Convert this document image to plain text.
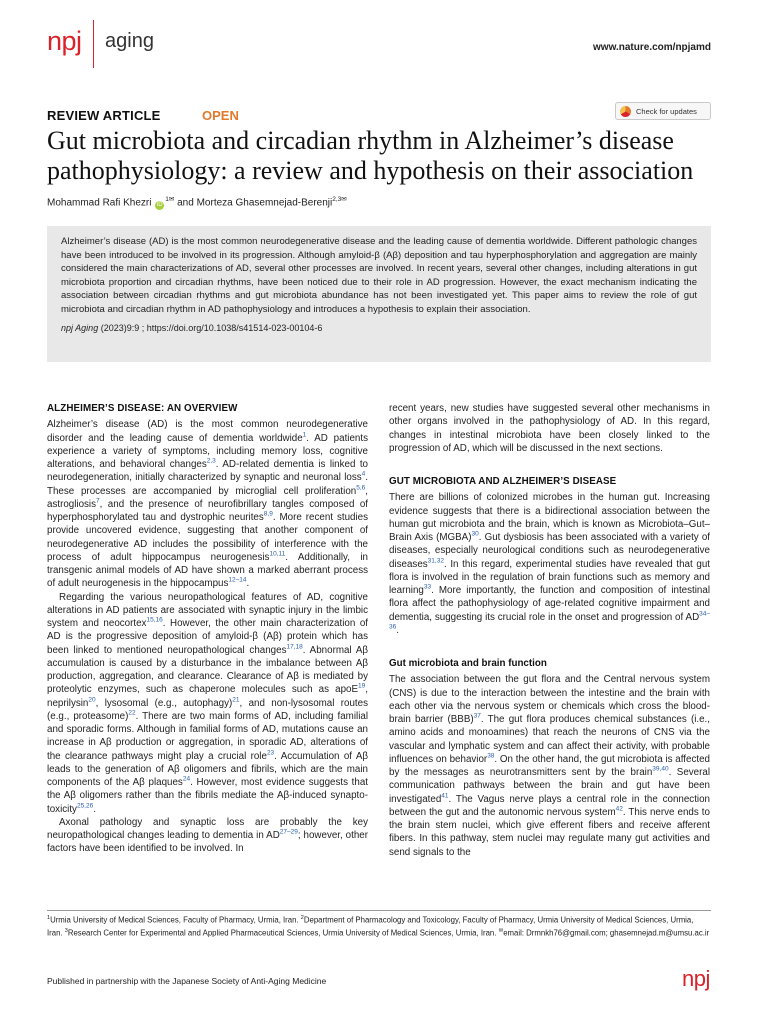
npj aging	www.nature.com/npjamd
REVIEW ARTICLE	OPEN	Check for updates
Gut microbiota and circadian rhythm in Alzheimer’s disease pathophysiology: a review and hypothesis on their association
Mohammad Rafi Khezri $iD^{1✉}$ and Morteza Ghasemnejad-Berenji$^{2,3✉}$

Alzheimer’s disease (AD) is the most common neurodegenerative disease and the leading cause of dementia worldwide. Different pathologic changes have been introduced to be involved in its progression. Although amyloid-β (Aβ) deposition and tau hyperphosphorylation and aggregation are mainly considered the main characterizations of AD, several other processes are involved. In recent years, several other changes, including alterations in gut microbiota proportion and circadian rhythms, have been noticed due to their role in AD progression. However, the exact mechanism indicating the association between circadian rhythms and gut microbiota abundance has not been investigated yet. This paper aims to review the role of gut microbiota and circadian rhythm in AD pathophysiology and introduces a hypothesis to explain their association.

npj Aging (2023)9:9 ; https://doi.org/10.1038/s41514-023-00104-6

ALZHEIMER’S DISEASE: AN OVERVIEW

Alzheimer’s disease (AD) is the most common neurodegenerative disorder and the leading cause of dementia worldwide$^1$. AD patients experience a variety of symptoms, including memory loss, cognitive alterations, and behavioral changes$^{2,3}$. AD-related dementia is linked to neurodegeneration, initially characterized by synaptic and neuronal loss$^4$. These processes are accompanied by microglial cell proliferation$^{5,6}$, astrogliosis$^7$, and the presence of neurofibrillary tangles composed of hyperphosphorylated tau and dystrophic neurites$^{8,9}$. More recent studies provide uncovered evidence, suggesting that another component of neurodegenerative AD includes the possibility of interference with the process of adult hippocampus neurogenesis$^{10,11}$. Additionally, in transgenic animal models of AD have shown a marked aberrant process of adult neurogenesis in the hippocampus$^{12-14}$.

Regarding the various neuropathological features of AD, cognitive alterations in AD patients are associated with synaptic injury in the limbic system and neocortex$^{15,16}$. However, the other main characterization of AD is the progressive deposition of amyloid-β (Aβ) protein which has been linked to mentioned neuropathological changes$^{17,18}$. Abnormal Aβ accumulation is caused by a disturbance in the imbalance between Aβ production, aggregation, and clearance. Clearance of Aβ is mediated by proteolytic enzymes, such as chaperone molecules such as apoE$^{19}$, neprilysin$^{20}$, lysosomal (e.g., autophagy)$^{21}$, and non-lysosomal routes (e.g., proteasome)$^{22}$. There are two main forms of AD, including familial and sporadic forms. Although in familial forms of AD, mutations cause an increase in Aβ production or aggregation, in sporadic AD, alterations of the clearance pathways might play a crucial role$^{23}$. Accumulation of Aβ leads to the generation of Aβ oligomers and fibrils, which are the main components of the Aβ plaques$^{24}$. However, most evidence suggests that the Aβ oligomers rather than the fibrils mediate the Aβ-induced synapto-toxicity$^{25,26}$.

Axonal pathology and synaptic loss are probably the key neuropathological changes leading to dementia in AD$^{27-29}$; however, other factors have been identified to be involved. In

recent years, new studies have suggested several other mechanisms in other organs involved in the pathophysiology of AD. In this regard, changes in intestinal microbiota have been closely linked to the progression of AD, which will be discussed in the next sections.

GUT MICROBIOTA AND ALZHEIMER’S DISEASE

There are billions of colonized microbes in the human gut. Increasing evidence suggests that there is a bidirectional association between the human gut microbiota and the brain, which is known as Microbiota–Gut–Brain Axis (MGBA)$^{30}$. Gut dysbiosis has been associated with a variety of diseases, especially neurological conditions such as neurodegenerative diseases$^{31,32}$. In this regard, experimental studies have revealed that gut flora is involved in the regulation of brain functions such as memory and learning$^{33}$. More importantly, the function and composition of intestinal flora affect the pathophysiology of age-related cognitive impairment and dementia, suggesting its crucial role in the onset and progression of AD$^{34-36}$.

Gut microbiota and brain function

The association between the gut flora and the Central nervous system (CNS) is due to the interaction between the intestine and the brain with each other via the nervous system or chemicals which cross the blood-brain barrier (BBB)$^{37}$. The gut flora produces chemical substances (i.e., amino acids and monoamines) that reach the neurons of CNS via the vascular and lymphatic system and can affect their activity, with probable influences on behavior$^{38}$. On the other hand, the gut microbiota is affected by the messages as neurotransmitters sent by the brain$^{39,40}$. Several communication pathways between the brain and gut have been investigated$^{41}$. The Vagus nerve plays a central role in the connection between the gut and the autonomic nervous system$^{42}$. This nerve ends to the brain stem nuclei, which give efferent fibers and receive afferent fibers. In this pathway, stem nuclei may regulate many gut activities and send signals to the

$^1$Urmia University of Medical Sciences, Faculty of Pharmacy, Urmia, Iran. $^2$Department of Pharmacology and Toxicology, Faculty of Pharmacy, Urmia University of Medical Sciences, Urmia, Iran. $^3$Research Center for Experimental and Applied Pharmaceutical Sciences, Urmia University of Medical Sciences, Urmia, Iran. ✉email: Drmnkh76@gmail.com; ghasemnejad.m@umsu.ac.ir
Published in partnership with the Japanese Society of Anti-Aging Medicine	npj
